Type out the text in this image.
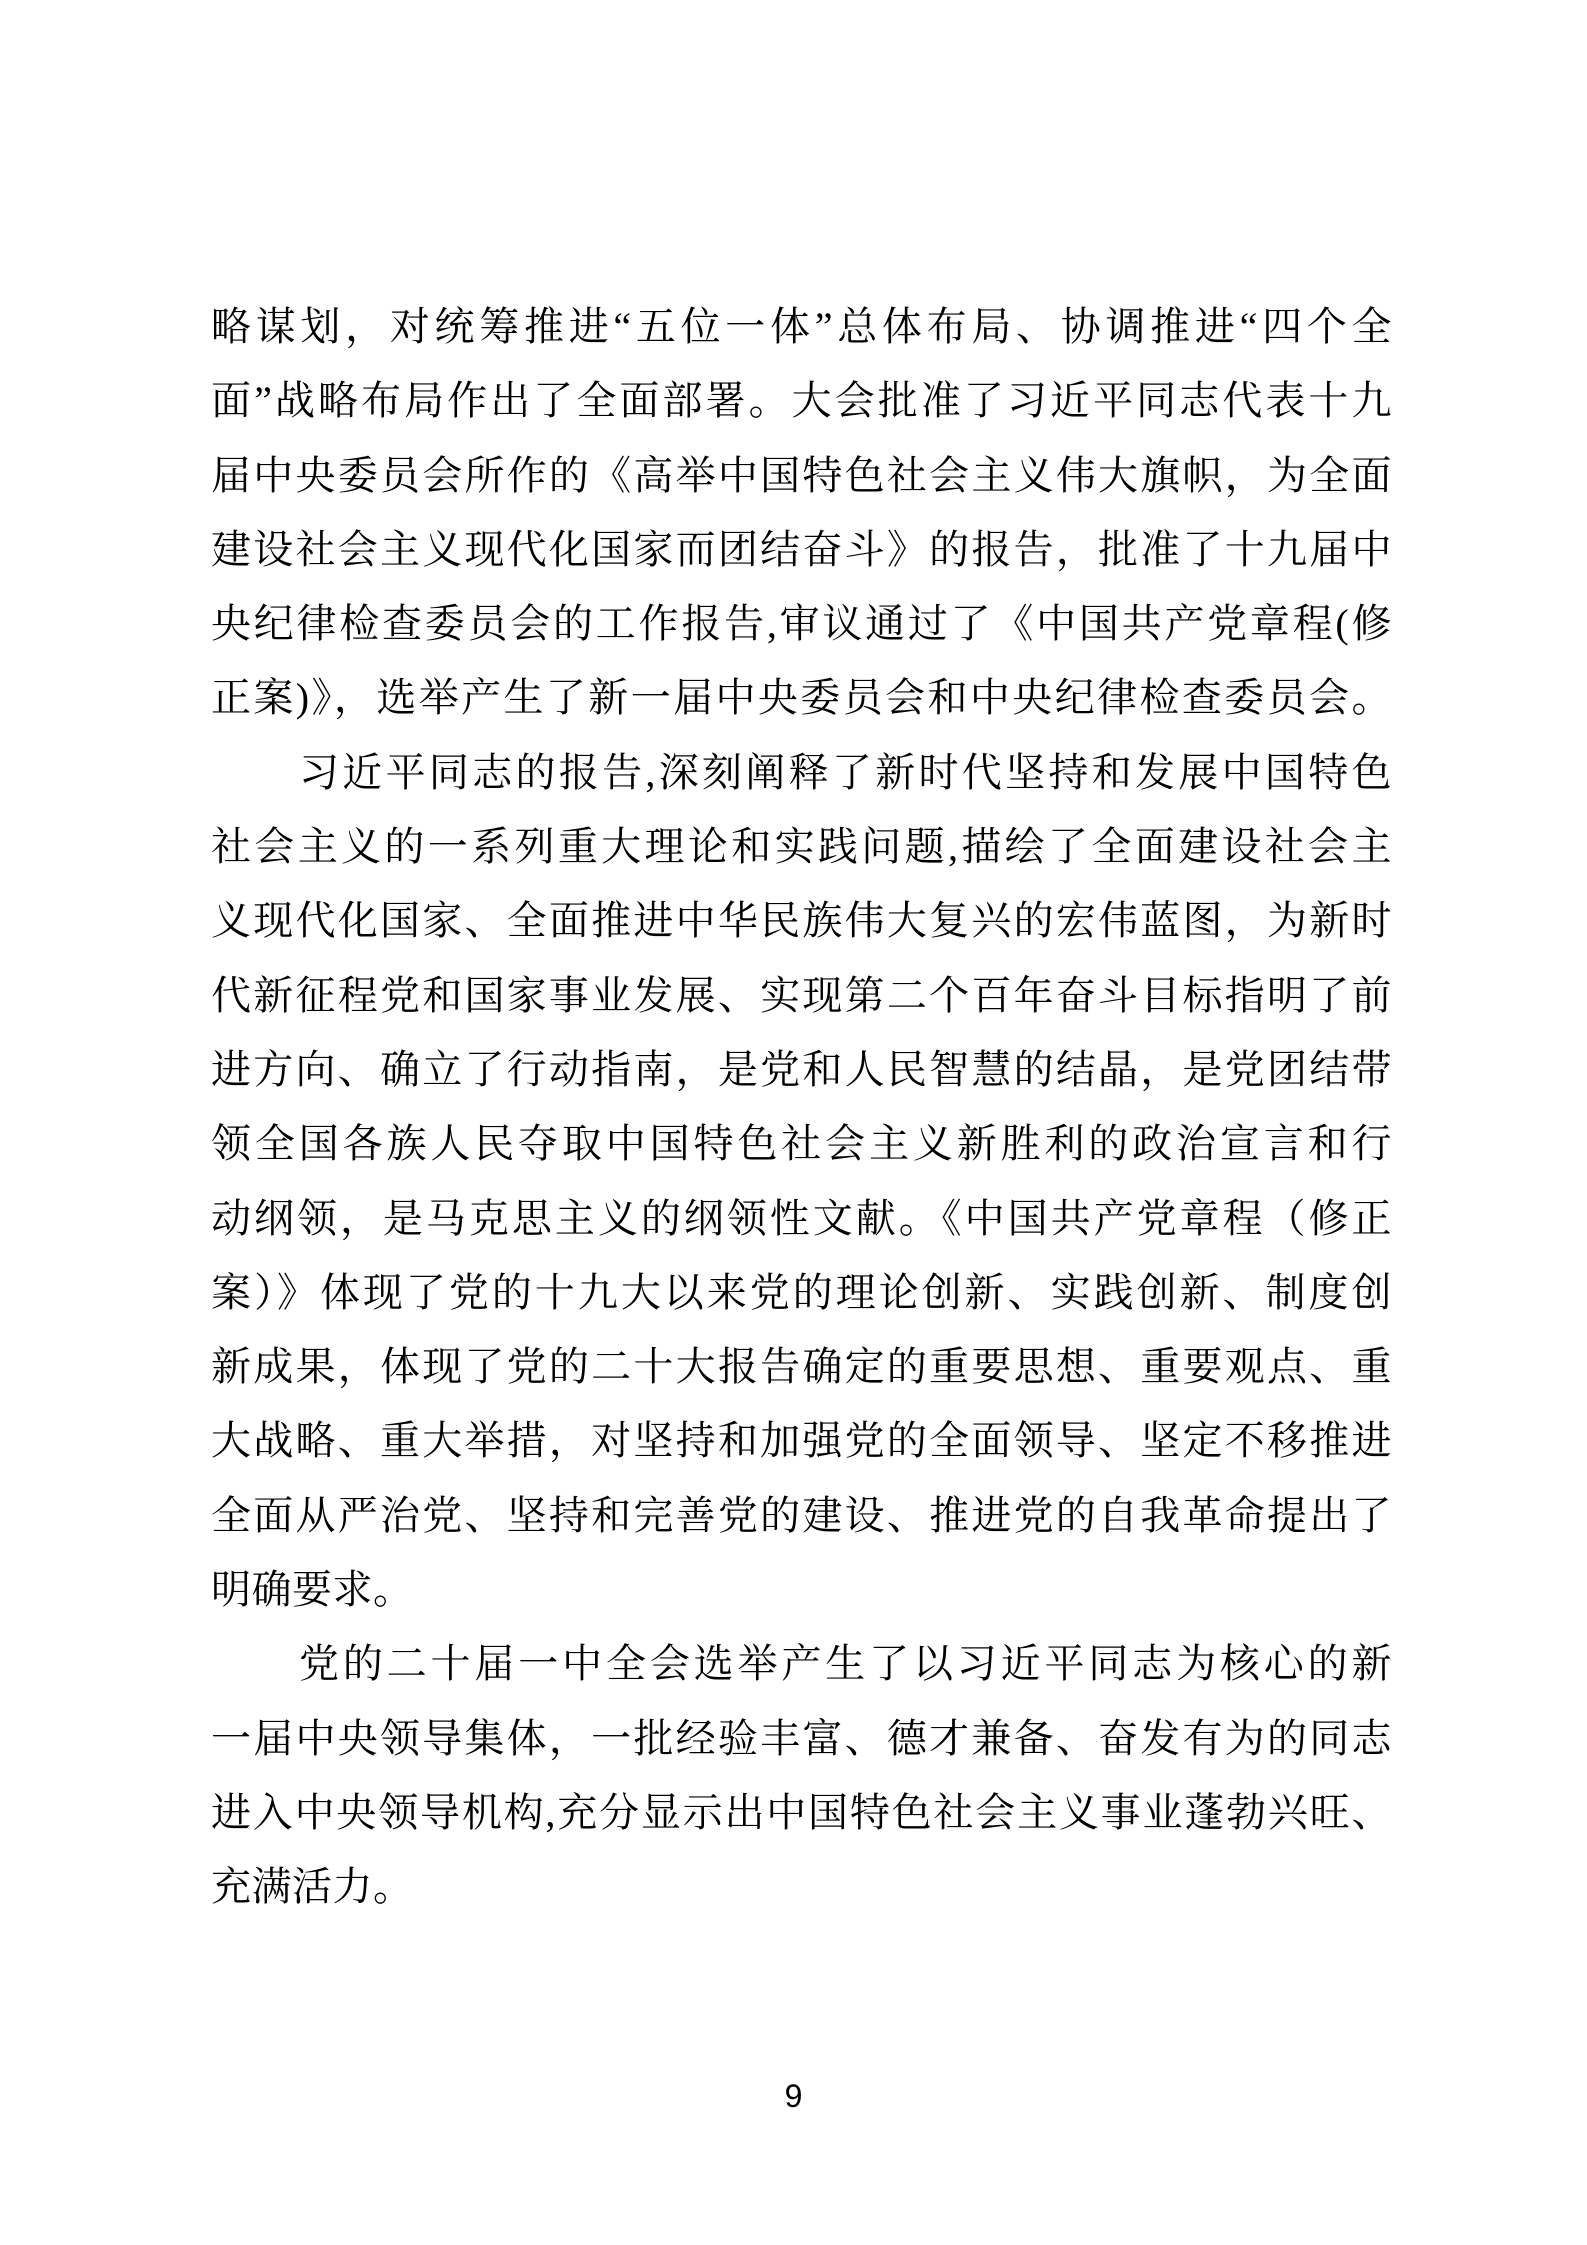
略谋划，对统筹推进“五位一体”总体布局、协调推进“四个全
面”战略布局作出了全面部署。大会批准了习近平同志代表十九
届中央委员会所作的《高举中国特色社会主义伟大旗帜，为全面
建设社会主义现代化国家而团结奋斗》的报告，批准了十九届中
央纪律检查委员会的工作报告,审议通过了《中国共产党章程(修
正案)》，选举产生了新一届中央委员会和中央纪律检查委员会。
习近平同志的报告,深刻阐释了新时代坚持和发展中国特色
社会主义的一系列重大理论和实践问题,描绘了全面建设社会主
义现代化国家、全面推进中华民族伟大复兴的宏伟蓝图，为新时
代新征程党和国家事业发展、实现第二个百年奋斗目标指明了前
进方向、确立了行动指南，是党和人民智慧的结晶，是党团结带
领全国各族人民夺取中国特色社会主义新胜利的政治宣言和行
动纲领，是马克思主义的纲领性文献。《中国共产党章程（修正
案）》体现了党的十九大以来党的理论创新、实践创新、制度创
新成果，体现了党的二十大报告确定的重要思想、重要观点、重
大战略、重大举措，对坚持和加强党的全面领导、坚定不移推进
全面从严治党、坚持和完善党的建设、推进党的自我革命提出了
明确要求。
党的二十届一中全会选举产生了以习近平同志为核心的新
一届中央领导集体，一批经验丰富、德才兼备、奋发有为的同志
进入中央领导机构,充分显示出中国特色社会主义事业蓬勃兴旺、
充满活力。
9
